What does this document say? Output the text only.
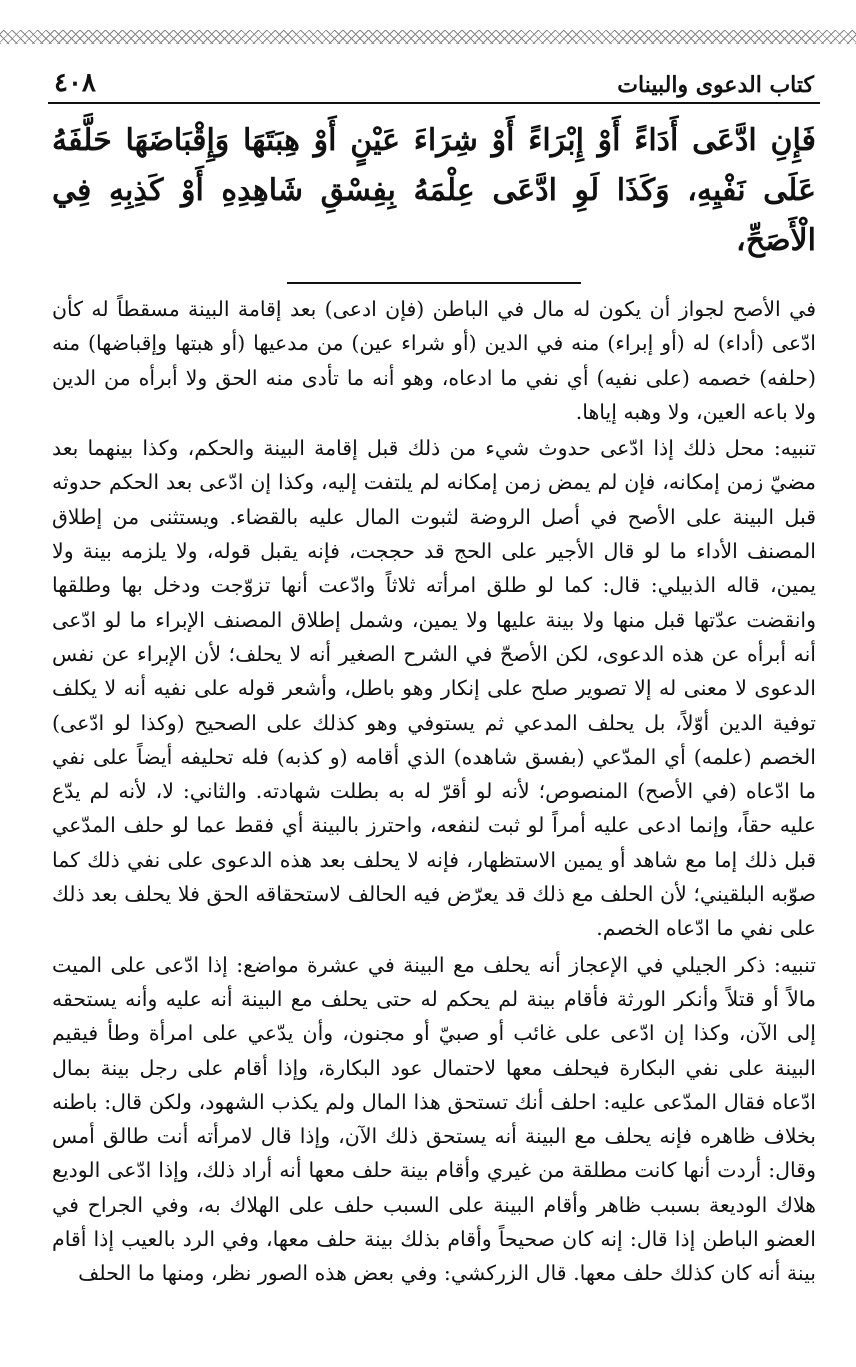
كتاب الدعوى والبينات
٤٠٨
فَإِنِ ادَّعَى أَدَاءً أَوْ إِبْرَاءً أَوْ شِرَاءَ عَيْنٍ أَوْ هِبَتَهَا وَإِقْبَاضَهَا حَلَّفَهُ عَلَى نَفْيِهِ، وَكَذَا لَوِ ادَّعَى عِلْمَهُ بِفِسْقِ شَاهِدِهِ أَوْ كَذِبِهِ فِي الْأَصَحِّ،

في الأصح لجواز أن يكون له مال في الباطن (فإن ادعى) بعد إقامة البينة مسقطاً له كأن ادّعى (أداء) له (أو إبراء) منه في الدين (أو شراء عين) من مدعيها (أو هبتها وإقباضها) منه (حلفه) خصمه (على نفيه) أي نفي ما ادعاه، وهو أنه ما تأدى منه الحق ولا أبرأه من الدين ولا باعه العين، ولا وهبه إياها.

تنبيه: محل ذلك إذا ادّعى حدوث شيء من ذلك قبل إقامة البينة والحكم، وكذا بينهما بعد مضيّ زمن إمكانه، فإن لم يمض زمن إمكانه لم يلتفت إليه، وكذا إن ادّعى بعد الحكم حدوثه قبل البينة على الأصح في أصل الروضة لثبوت المال عليه بالقضاء. ويستثنى من إطلاق المصنف الأداء ما لو قال الأجير على الحج قد حججت، فإنه يقبل قوله، ولا يلزمه بينة ولا يمين، قاله الذبيلي: قال: كما لو طلق امرأته ثلاثاً وادّعت أنها تزوّجت ودخل بها وطلقها وانقضت عدّتها قبل منها ولا بينة عليها ولا يمين، وشمل إطلاق المصنف الإبراء ما لو ادّعى أنه أبرأه عن هذه الدعوى، لكن الأصحّ في الشرح الصغير أنه لا يحلف؛ لأن الإبراء عن نفس الدعوى لا معنى له إلا تصوير صلح على إنكار وهو باطل، وأشعر قوله على نفيه أنه لا يكلف توفية الدين أوّلاً، بل يحلف المدعي ثم يستوفي وهو كذلك على الصحيح (وكذا لو ادّعى) الخصم (علمه) أي المدّعي (بفسق شاهده) الذي أقامه (و كذبه) فله تحليفه أيضاً على نفي ما ادّعاه (في الأصح) المنصوص؛ لأنه لو أقرّ له به بطلت شهادته. والثاني: لا، لأنه لم يدّع عليه حقاً، وإنما ادعى عليه أمراً لو ثبت لنفعه، واحترز بالبينة أي فقط عما لو حلف المدّعي قبل ذلك إما مع شاهد أو يمين الاستظهار، فإنه لا يحلف بعد هذه الدعوى على نفي ذلك كما صوّبه البلقيني؛ لأن الحلف مع ذلك قد يعرّض فيه الحالف لاستحقاقه الحق فلا يحلف بعد ذلك على نفي ما ادّعاه الخصم.

تنبيه: ذكر الجيلي في الإعجاز أنه يحلف مع البينة في عشرة مواضع: إذا ادّعى على الميت مالاً أو قتلاً وأنكر الورثة فأقام بينة لم يحكم له حتى يحلف مع البينة أنه عليه وأنه يستحقه إلى الآن، وكذا إن ادّعى على غائب أو صبيّ أو مجنون، وأن يدّعي على امرأة وطأ فيقيم البينة على نفي البكارة فيحلف معها لاحتمال عود البكارة، وإذا أقام على رجل بينة بمال ادّعاه فقال المدّعى عليه: احلف أنك تستحق هذا المال ولم يكذب الشهود، ولكن قال: باطنه بخلاف ظاهره فإنه يحلف مع البينة أنه يستحق ذلك الآن، وإذا قال لامرأته أنت طالق أمس وقال: أردت أنها كانت مطلقة من غيري وأقام بينة حلف معها أنه أراد ذلك، وإذا ادّعى الوديع هلاك الوديعة بسبب ظاهر وأقام البينة على السبب حلف على الهلاك به، وفي الجراح في العضو الباطن إذا قال: إنه كان صحيحاً وأقام بذلك بينة حلف معها، وفي الرد بالعيب إذا أقام بينة أنه كان كذلك حلف معها. قال الزركشي: وفي بعض هذه الصور نظر، ومنها ما الحلف
